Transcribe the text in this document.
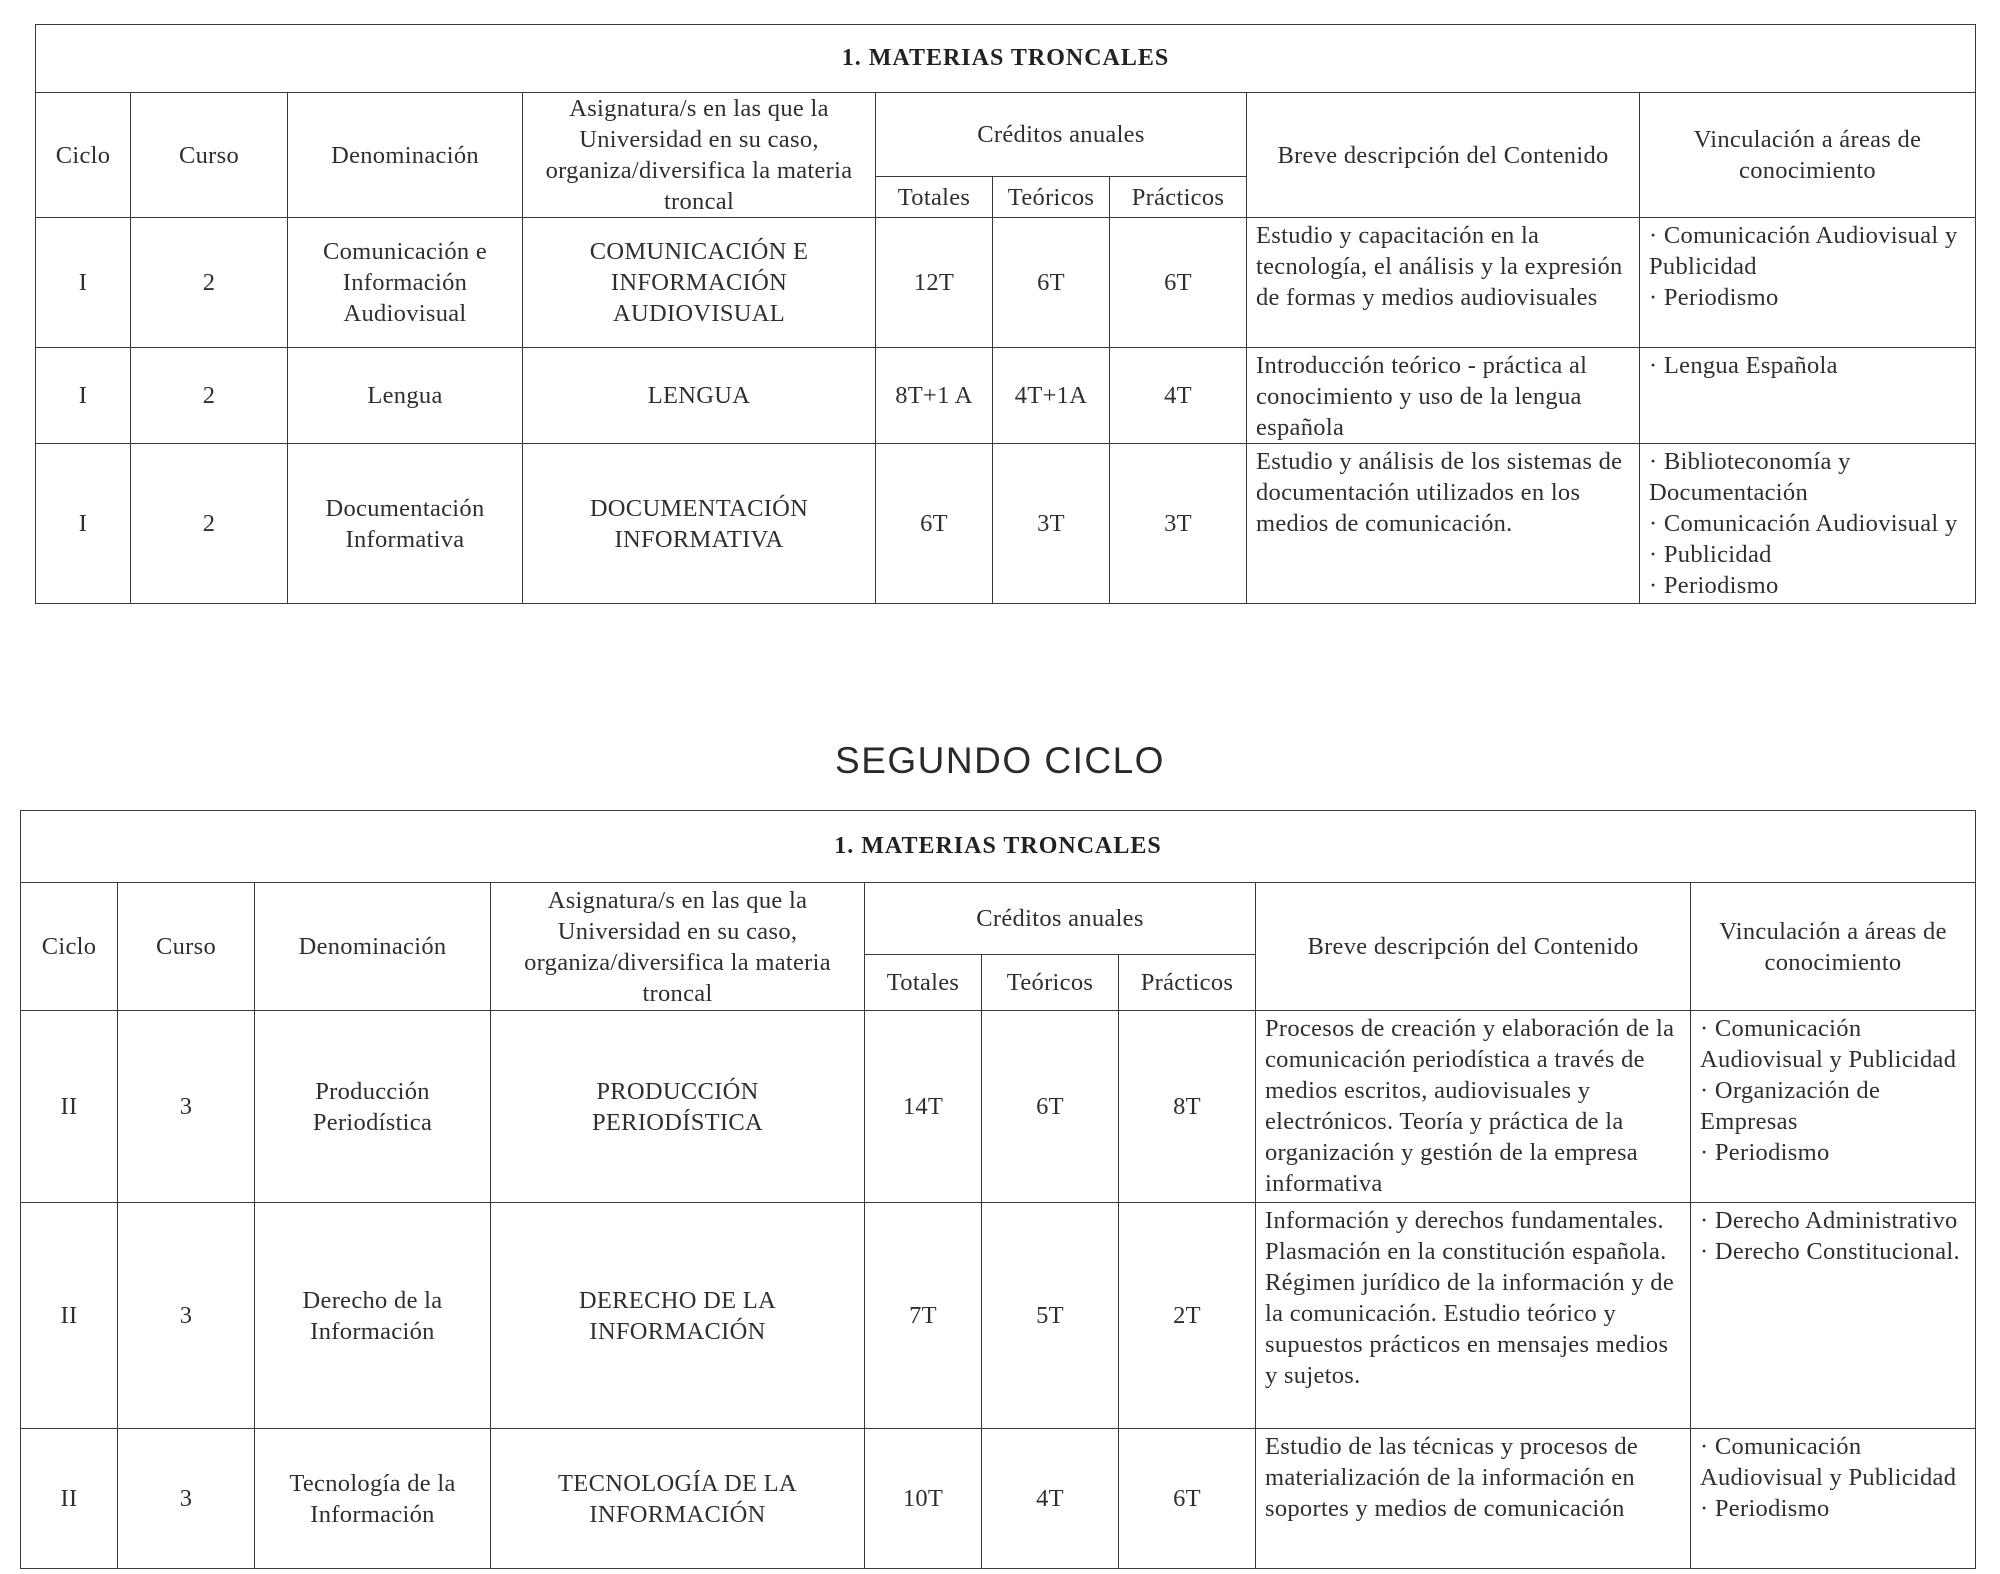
1. MATERIAS TRONCALES								
Ciclo	Curso	Denominación	Asignatura/s en las que la Universidad en su caso, organiza/diversifica la materia troncal	Créditos anuales			Breve descripción del Contenido	Vinculación a áreas de conocimiento
				Totales	Teóricos	Prácticos		
I	2	Comunicación e Información Audiovisual	COMUNICACIÓN E INFORMACIÓN AUDIOVISUAL	12T	6T	6T	Estudio y capacitación en la tecnología, el análisis y la expresión de formas y medios audiovisuales	· Comunicación Audiovisual y Publicidad
· Periodismo

I	2	Lengua	LENGUA	8T+1 A	4T+1A	4T	Introducción teórico - práctica al conocimiento y uso de la lengua española	· Lengua Española

I	2	Documentación Informativa	DOCUMENTACIÓN INFORMATIVA	6T	3T	3T	Estudio y análisis de los sistemas de documentación utilizados en los medios de comunicación.	· Biblioteconomía y Documentación
· Comunicación Audiovisual y · Publicidad
· Periodismo
SEGUNDO CICLO
1. MATERIAS TRONCALES								
Ciclo	Curso	Denominación	Asignatura/s en las que la Universidad en su caso, organiza/diversifica la materia troncal	Créditos anuales			Breve descripción del Contenido	Vinculación a áreas de conocimiento
				Totales	Teóricos	Prácticos		
II	3	Producción Periodística	PRODUCCIÓN PERIODÍSTICA	14T	6T	8T	Procesos de creación y elaboración de la comunicación periodística a través de medios escritos, audiovisuales y electrónicos. Teoría y práctica de la organización y gestión de la empresa informativa	· Comunicación Audiovisual y Publicidad
· Organización de Empresas
· Periodismo

II	3	Derecho de la Información	DERECHO DE LA INFORMACIÓN	7T	5T	2T	Información y derechos fundamentales. Plasmación en la constitución española. Régimen jurídico de la información y de la comunicación. Estudio teórico y supuestos prácticos en mensajes medios y sujetos.	· Derecho Administrativo
· Derecho Constitucional.

II	3	Tecnología de la Información	TECNOLOGÍA DE LA INFORMACIÓN	10T	4T	6T	Estudio de las técnicas y procesos de materialización de la información en soportes y medios de comunicación	· Comunicación Audiovisual y Publicidad
· Periodismo
